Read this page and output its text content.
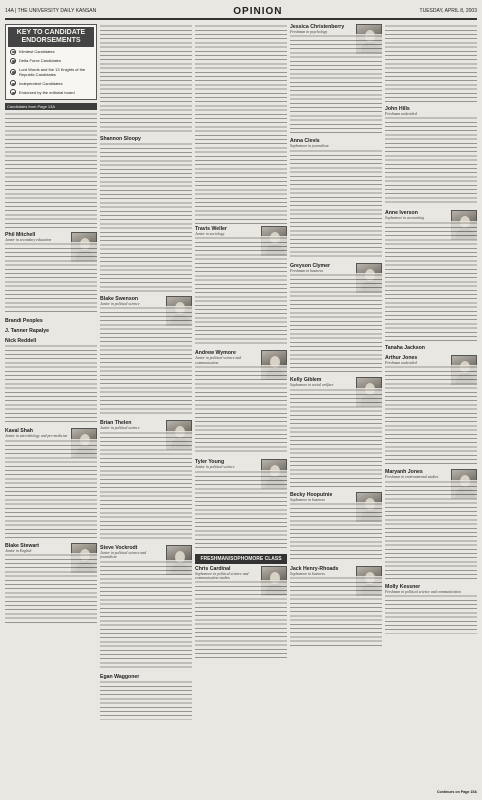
14A | THE UNIVERSITY DAILY KANSAN	OPINION	TUESDAY, APRIL 8, 2003
KEY TO CANDIDATE ENDORSEMENTS
Klimtest Candidates
Delta Force Candidates
Lord Words and the 13 Knights of the Republic Candidates
Independent Candidates
Endorsed by the editorial board
Candidates from Page 13A
Phil Mitchell
Junior in secondary education
Brandi Peoples
J. Tanner Rapalye
Nick Reddell
Kaval Shah
Junior in microbiology and pre-medicine
Blake Stewart
Junior in English
Shannon Sloopy
Blake Swenson
Junior in political science
Brian Thelen
Junior in political science
Steve Vockrodt
Junior in political science and journalism
Egan Waggoner
Travis Weller
Junior in sociology
Andrew Wymore
Junior in political science and communication
Tyler Young
Junior in political science
FRESHMAN/SOPHOMORE CLASS
Chris Cardinal
Sophomore in political science and communication studies
Jessica Christenberry
Freshman in psychology
Anna Clevis
Sophomore in journalism
Greyson Clymer
Freshman in business
Kelly Giblem
Sophomore in social welfare
Becky Hooputnie
Sophomore in business
Jack Henry-Rhoads
Sophomore in business
John Hills
Freshman undecided
Anne Iverson
Sophomore in accounting
Tanaha Jackson
Arthur Jones
Freshman undecided
Maryanh Jones
Freshman in environmental studies
Molly Kessner
Freshman in political science and communication
Continues on Page 15A
